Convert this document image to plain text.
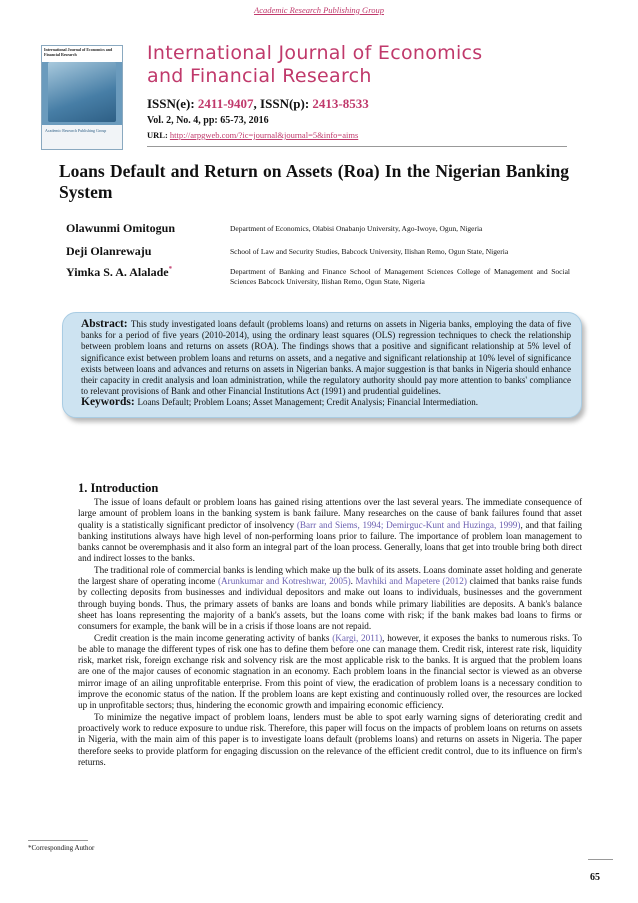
Academic Research Publishing Group
International Journal of Economics and Financial Research
Academic Research Publishing Group
International Journal of Economics
and Financial Research
ISSN(e): 2411-9407, ISSN(p): 2413-8533
Vol. 2, No. 4, pp: 65-73, 2016
URL: http://arpgweb.com/?ic=journal&journal=5&info=aims
Loans Default and Return on Assets (Roa) In the Nigerian Banking System
Olawunmi Omitogun	Department of Economics, Olabisi Onabanjo University, Ago-Iwoye, Ogun, Nigeria
Deji Olanrewaju	School of Law and Security Studies, Babcock University, Ilishan Remo, Ogun State, Nigeria
Yimka S. A. Alalade*	Department of Banking and Finance School of Management Sciences College of Management and Social Sciences Babcock University, Ilishan Remo, Ogun State, Nigeria
Abstract: This study investigated loans default (problems loans) and returns on assets in Nigeria banks, employing the data of five banks for a period of five years (2010-2014), using the ordinary least squares (OLS) regression techniques to check the relationship between problem loans and returns on assets (ROA). The findings shows that a positive and significant relationship at 5% level of significance exist between problem loans and returns on assets, and a negative and significant relationship at 10% level of significance exists between loans and advances and returns on assets in Nigerian banks. A major suggestion is that banks in Nigeria should enhance their capacity in credit analysis and loan administration, while the regulatory authority should pay more attention to banks' compliance to relevant provisions of Bank and other Financial Institutions Act (1991) and prudential guidelines.
Keywords: Loans Default; Problem Loans; Asset Management; Credit Analysis; Financial Intermediation.
1. Introduction

The issue of loans default or problem loans has gained rising attentions over the last several years. The immediate consequence of large amount of problem loans in the banking system is bank failure. Many researches on the cause of bank failures found that asset quality is a statistically significant predictor of insolvency (Barr and Siems, 1994; Demirguc-Kunt and Huzinga, 1999), and that failing banking institutions always have high level of non-performing loans prior to failure. The importance of problem loan management to banks cannot be overemphasis and it also form an integral part of the loan process. Generally, loans that get into trouble bring both direct and indirect losses to the banks.

The traditional role of commercial banks is lending which make up the bulk of its assets. Loans dominate asset holding and generate the largest share of operating income (Arunkumar and Kotreshwar, 2005). Mavhiki and Mapetere (2012) claimed that banks raise funds by collecting deposits from businesses and individual depositors and make out loans to individuals, businesses and the government through buying bonds. Thus, the primary assets of banks are loans and bonds while primary liabilities are deposits. A bank's balance sheet has loans representing the majority of a bank's assets, but the loans come with risk; if the bank makes bad loans to firms or consumers for example, the bank will be in a crisis if those loans are not repaid.

Credit creation is the main income generating activity of banks (Kargi, 2011), however, it exposes the banks to numerous risks. To be able to manage the different types of risk one has to define them before one can manage them. Credit risk, interest rate risk, liquidity risk, market risk, foreign exchange risk and solvency risk are the most applicable risk to the banks. It is argued that the problem loans are one of the major causes of economic stagnation in an economy. Each problem loans in the financial sector is viewed as an obverse mirror image of an ailing unprofitable enterprise. From this point of view, the eradication of problem loans is a necessary condition to improve the economic status of the nation. If the problem loans are kept existing and continuously rolled over, the resources are locked up in unprofitable sectors; thus, hindering the economic growth and impairing economic efficiency.

To minimize the negative impact of problem loans, lenders must be able to spot early warning signs of deteriorating credit and proactively work to reduce exposure to undue risk. Therefore, this paper will focus on the impacts of problem loans on returns on assets in Nigeria, with the main aim of this paper is to investigate loans default (problems loans) and returns on assets in Nigeria. The paper therefore seeks to provide platform for engaging discussion on the relevance of the efficient credit control, due to its influence on firm's returns.

*Corresponding Author
65
